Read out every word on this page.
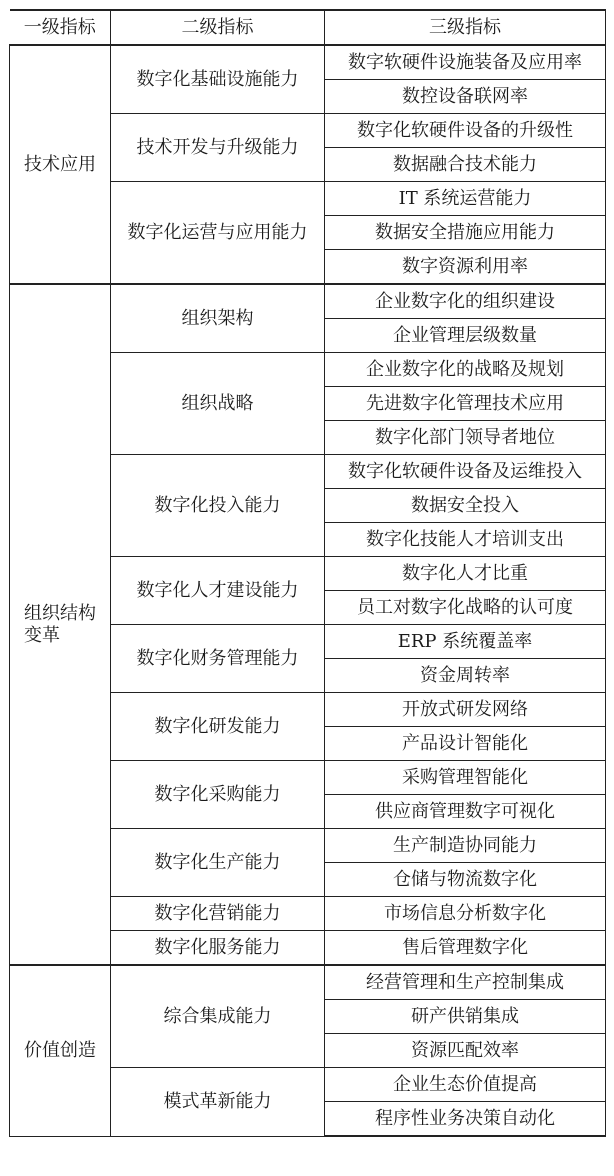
一级指标	二级指标	三级指标

技术应用	数字化基础设施能力	数字软硬件设施装备及应用率
		数控设备联网率
	技术开发与升级能力	数字化软硬件设备的升级性
		数据融合技术能力
	数字化运营与应用能力	IT 系统运营能力
		数据安全措施应用能力
		数字资源利用率

组织结构变革	组织架构	企业数字化的组织建设
		企业管理层级数量
	组织战略	企业数字化的战略及规划
		先进数字化管理技术应用
		数字化部门领导者地位
	数字化投入能力	数字化软硬件设备及运维投入
		数据安全投入
		数字化技能人才培训支出
	数字化人才建设能力	数字化人才比重
		员工对数字化战略的认可度
	数字化财务管理能力	ERP 系统覆盖率
		资金周转率
	数字化研发能力	开放式研发网络
		产品设计智能化
	数字化采购能力	采购管理智能化
		供应商管理数字可视化
	数字化生产能力	生产制造协同能力
		仓储与物流数字化
	数字化营销能力	市场信息分析数字化
	数字化服务能力	售后管理数字化

价值创造	综合集成能力	经营管理和生产控制集成
		研产供销集成
		资源匹配效率
	模式革新能力	企业生态价值提高
		程序性业务决策自动化
